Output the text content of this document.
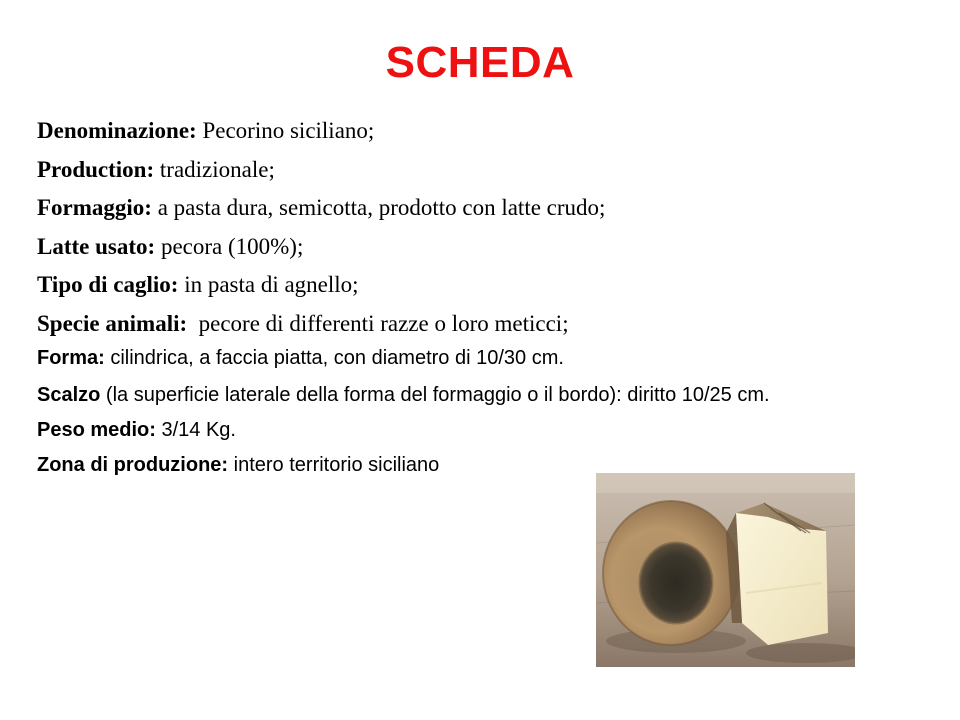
SCHEDA
Denominazione: Pecorino siciliano;
Production: tradizionale;
Formaggio: a pasta dura, semicotta, prodotto con latte crudo;
Latte usato: pecora (100%);
Tipo di caglio: in pasta di agnello;
Specie animali:  pecore di differenti razze o loro meticci;
Forma: cilindrica, a faccia piatta, con diametro di 10/30 cm.
Scalzo (la superficie laterale della forma del formaggio o il bordo): diritto 10/25 cm.
Peso medio: 3/14 Kg.
Zona di produzione: intero territorio siciliano
